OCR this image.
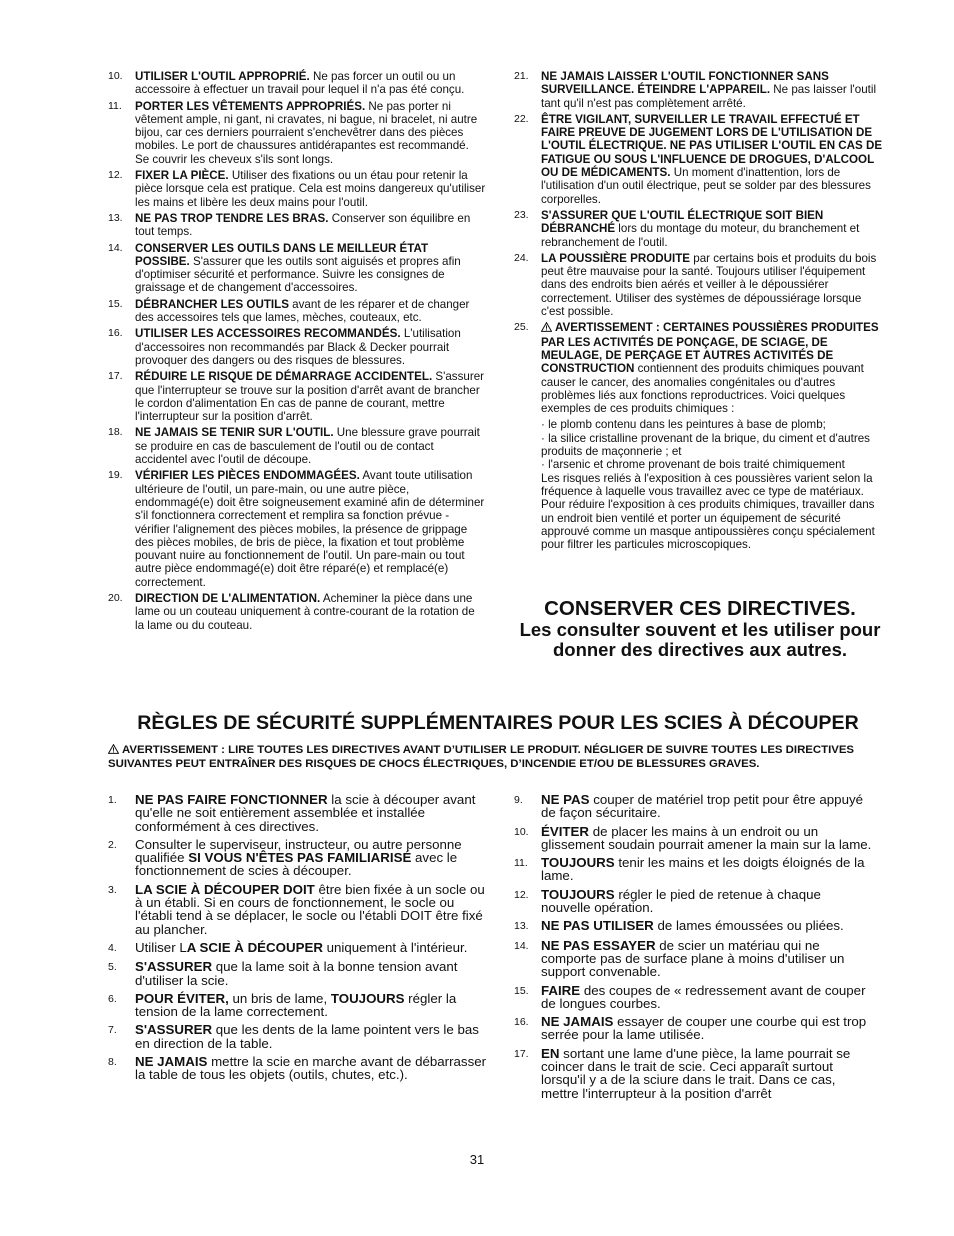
10.	UTILISER L'OUTIL APPROPRIÉ. Ne pas forcer un outil ou un accessoire à effectuer un travail pour lequel il n'a pas été conçu.
11.	PORTER LES VÊTEMENTS APPROPRIÉS. Ne pas porter ni vêtement ample, ni gant, ni cravates, ni bague, ni bracelet, ni autre bijou, car ces derniers pourraient s'enchevêtrer dans des pièces mobiles. Le port de chaussures antidérapantes est recommandé. Se couvrir les cheveux s'ils sont longs.
12.	FIXER LA PIÈCE. Utiliser des fixations ou un étau pour retenir la pièce lorsque cela est pratique. Cela est moins dangereux qu'utiliser les mains et libère les deux mains pour l'outil.
13.	NE PAS TROP TENDRE LES BRAS. Conserver son équilibre en tout temps.
14.	CONSERVER LES OUTILS DANS LE MEILLEUR ÉTAT POSSIBE. S'assurer que les outils sont aiguisés et propres afin d'optimiser sécurité et performance. Suivre les consignes de graissage et de changement d'accessoires.
15.	DÉBRANCHER LES OUTILS avant de les réparer et de changer des accessoires tels que lames, mèches, couteaux, etc.
16.	UTILISER LES ACCESSOIRES RECOMMANDÉS. L'utilisation d'accessoires non recommandés par Black & Decker pourrait provoquer des dangers ou des risques de blessures.
17.	RÉDUIRE LE RISQUE DE DÉMARRAGE ACCIDENTEL. S'assurer que l'interrupteur se trouve sur la position d'arrêt avant de brancher le cordon d'alimentation En cas de panne de courant, mettre l'interrupteur sur la position d'arrêt.
18.	NE JAMAIS SE TENIR SUR L'OUTIL. Une blessure grave pourrait se produire en cas de basculement de l'outil ou de contact accidentel avec l'outil de découpe.
19.	VÉRIFIER LES PIÈCES ENDOMMAGÉES. Avant toute utilisation ultérieure de l'outil, un pare-main, ou une autre pièce, endommagé(e) doit être soigneusement examiné afin de déterminer s'il fonctionnera correctement et remplira sa fonction prévue - vérifier l'alignement des pièces mobiles, la présence de grippage des pièces mobiles, de bris de pièce, la fixation et tout problème pouvant nuire au fonctionnement de l'outil. Un pare-main ou tout autre pièce endommagé(e) doit être réparé(e) et remplacé(e) correctement.
20.	DIRECTION DE L'ALIMENTATION. Acheminer la pièce dans une lame ou un couteau uniquement à contre-courant de la rotation de la lame ou du couteau.
21.	NE JAMAIS LAISSER L'OUTIL FONCTIONNER SANS SURVEILLANCE. ÉTEINDRE L'APPAREIL. Ne pas laisser l'outil tant qu'il n'est pas complètement arrêté.
22.	ÊTRE VIGILANT, SURVEILLER LE TRAVAIL EFFECTUÉ ET FAIRE PREUVE DE JUGEMENT LORS DE L'UTILISATION DE L'OUTIL ÉLECTRIQUE. NE PAS UTILISER L'OUTIL EN CAS DE FATIGUE OU SOUS L'INFLUENCE DE DROGUES, D'ALCOOL OU DE MÉDICAMENTS. Un moment d'inattention, lors de l'utilisation d'un outil électrique, peut se solder par des blessures corporelles.
23.	S'ASSURER QUE L'OUTIL ÉLECTRIQUE SOIT BIEN DÉBRANCHÉ lors du montage du moteur, du branchement et rebranchement de l'outil.
24.	LA POUSSIÈRE PRODUITE par certains bois et produits du bois peut être mauvaise pour la santé. Toujours utiliser l'équipement dans des endroits bien aérés et veiller à le dépoussiérer correctement. Utiliser des systèmes de dépoussiérage lorsque c'est possible.
25.	AVERTISSEMENT : CERTAINES POUSSIÈRES PRODUITES PAR LES ACTIVITÉS DE PONÇAGE, DE SCIAGE, DE MEULAGE, DE PERÇAGE ET AUTRES ACTIVITÉS DE CONSTRUCTION contiennent des produits chimiques pouvant causer le cancer, des anomalies congénitales ou d'autres problèmes liés aux fonctions reproductrices. Voici quelques exemples de ces produits chimiques :
· le plomb contenu dans les peintures à base de plomb;
· la silice cristalline provenant de la brique, du ciment et d'autres produits de maçonnerie ; et
· l'arsenic et chrome provenant de bois traité chimiquement
Les risques reliés à l'exposition à ces poussières varient selon la fréquence à laquelle vous travaillez avec ce type de matériaux. Pour réduire l'exposition à ces produits chimiques, travailler dans un endroit bien ventilé et porter un équipement de sécurité approuvé comme un masque antipoussières conçu spécialement pour filtrer les particules microscopiques.
CONSERVER CES DIRECTIVES.
Les consulter souvent et les utiliser pour donner des directives aux autres.
RÈGLES DE SÉCURITÉ SUPPLÉMENTAIRES POUR LES SCIES À DÉCOUPER
AVERTISSEMENT : LIRE TOUTES LES DIRECTIVES AVANT D’UTILISER LE PRODUIT. NÉGLIGER DE SUIVRE TOUTES LES DIRECTIVES SUIVANTES PEUT ENTRAÎNER DES RISQUES DE CHOCS ÉLECTRIQUES, D’INCENDIE ET/OU DE BLESSURES GRAVES.
1.	NE PAS FAIRE FONCTIONNER la scie à découper avant qu'elle ne soit entièrement assemblée et installée conformément à ces directives.
2.	Consulter le superviseur, instructeur, ou autre personne qualifiée SI VOUS N'ÊTES PAS FAMILIARISÉ avec le fonctionnement de scies à découper.
3.	LA SCIE À DÉCOUPER DOIT être bien fixée à un socle ou à un établi. Si en cours de fonctionnement, le socle ou l'établi tend à se déplacer, le socle ou l'établi DOIT être fixé au plancher.
4.	Utiliser LA SCIE À DÉCOUPER uniquement à l'intérieur.
5.	S'ASSURER que la lame soit à la bonne tension avant d'utiliser la scie.
6.	POUR ÉVITER, un bris de lame, TOUJOURS régler la tension de la lame correctement.
7.	S'ASSURER que les dents de la lame pointent vers le bas en direction de la table.
8.	NE JAMAIS mettre la scie en marche avant de débarrasser la table de tous les objets (outils, chutes, etc.).
9.	NE PAS couper de matériel trop petit pour être appuyé de façon sécuritaire.
10. ÉVITER de placer les mains à un endroit ou un glissement soudain pourrait amener la main sur la lame.
11. TOUJOURS tenir les mains et les doigts éloignés de la lame.
12. TOUJOURS régler le pied de retenue à chaque nouvelle opération.
13. NE PAS UTILISER de lames émoussées ou pliées.
14. NE PAS ESSAYER de scier un matériau qui ne comporte pas de surface plane à moins d'utiliser un support convenable.
15. FAIRE des coupes de « redressement avant de couper de longues courbes.
16. NE JAMAIS essayer de couper une courbe qui est trop serrée pour la lame utilisée.
17. EN sortant une lame d'une pièce, la lame pourrait se coincer dans le trait de scie. Ceci apparaît surtout lorsqu'il y a de la sciure dans le trait. Dans ce cas, mettre l'interrupteur à la position d'arrêt
31
